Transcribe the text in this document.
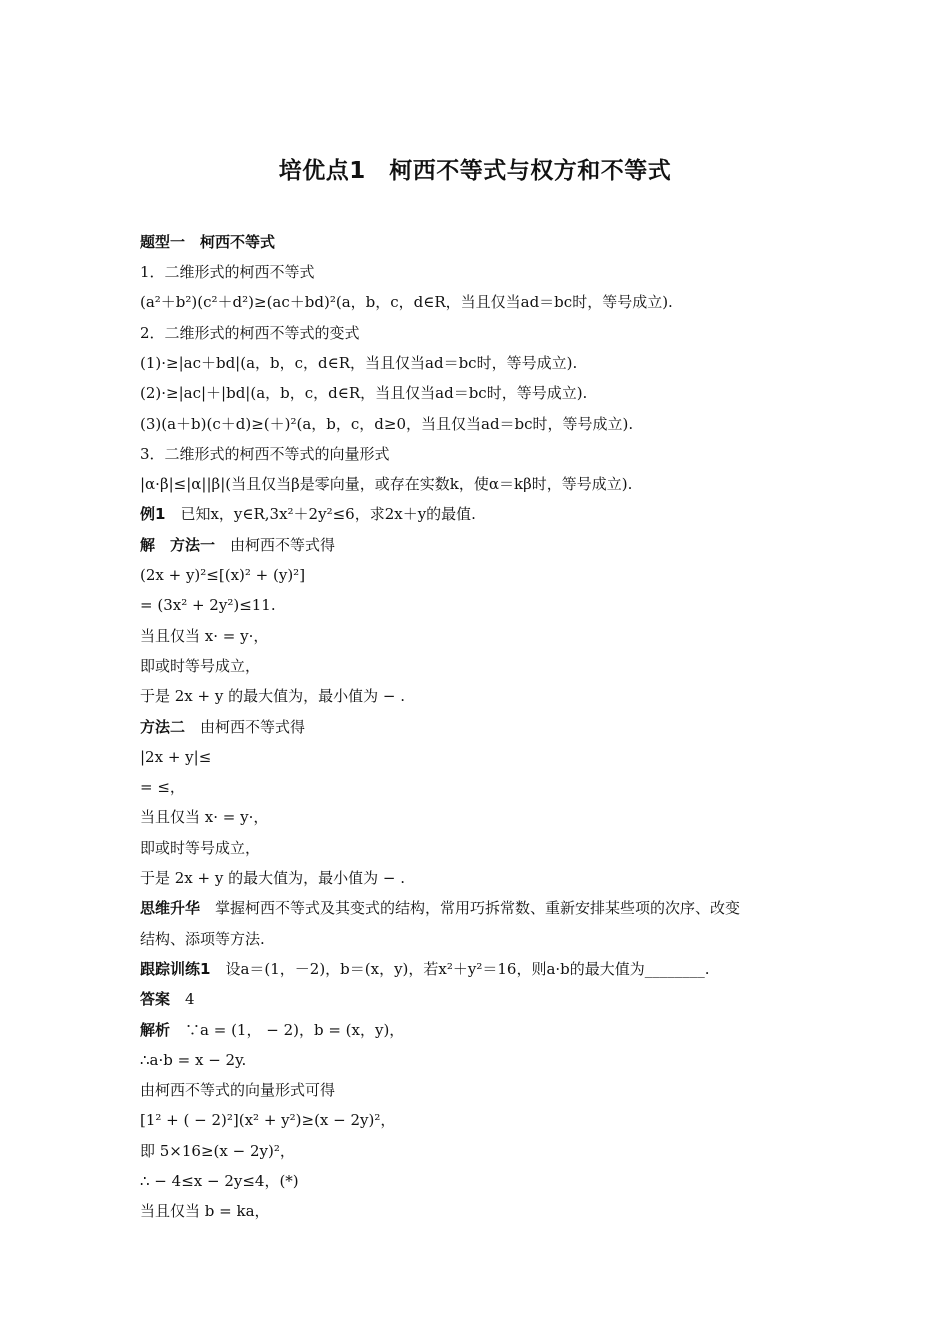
培优点1　柯西不等式与权方和不等式
题型一　柯西不等式
1．二维形式的柯西不等式
(a²＋b²)(c²＋d²)≥(ac＋bd)²(a，b，c，d∈R，当且仅当ad＝bc时，等号成立).
2．二维形式的柯西不等式的变式
(1)·≥|ac＋bd|(a，b，c，d∈R，当且仅当ad＝bc时，等号成立).
(2)·≥|ac|＋|bd|(a，b，c，d∈R，当且仅当ad＝bc时，等号成立).
(3)(a＋b)(c＋d)≥(＋)²(a，b，c，d≥0，当且仅当ad＝bc时，等号成立).
3．二维形式的柯西不等式的向量形式
|α·β|≤|α||β|(当且仅当β是零向量，或存在实数k，使α＝kβ时，等号成立).
例1　已知x，y∈R,3x²＋2y²≤6，求2x＋y的最值.
解　方法一　由柯西不等式得
(2x + y)²≤[(x)² + (y)²]
= (3x² + 2y²)≤11.
当且仅当 x· = y·，
即或时等号成立，
于是 2x + y 的最大值为，最小值为 − .
方法二　由柯西不等式得
|2x + y|≤
= ≤，
当且仅当 x· = y·，
即或时等号成立，
于是 2x + y 的最大值为，最小值为 − .
思维升华　掌握柯西不等式及其变式的结构，常用巧拆常数、重新安排某些项的次序、改变
结构、添项等方法.
跟踪训练1　设a＝(1，－2)，b＝(x，y)，若x²＋y²＝16，则a·b的最大值为________.
答案　4
解析　∵a = (1， − 2)，b = (x，y)，
∴a·b = x − 2y.
由柯西不等式的向量形式可得
[1² + ( − 2)²](x² + y²)≥(x − 2y)²，
即 5×16≥(x − 2y)²，
∴ − 4≤x − 2y≤4，(*)
当且仅当 b = ka，
